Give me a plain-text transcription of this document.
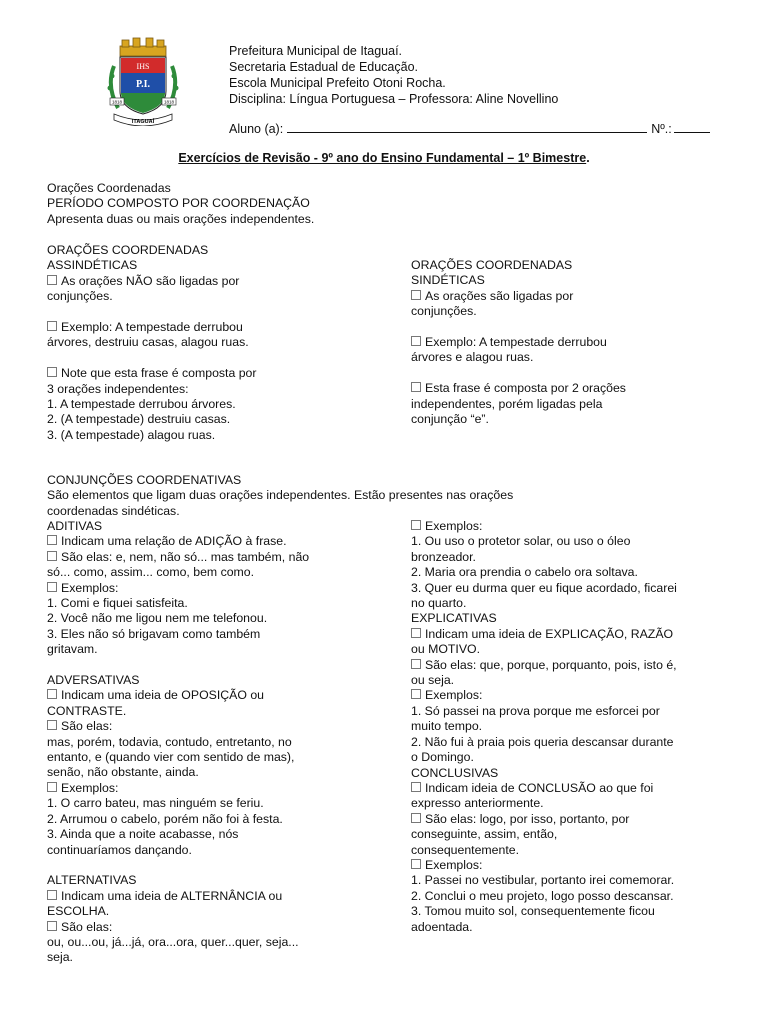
IHS
P.I.
1818	1818
ITAGUAÍ
Prefeitura Municipal de Itaguaí.
Secretaria Estadual de Educação.
Escola Municipal Prefeito Otoni Rocha.
Disciplina: Língua Portuguesa – Professora: Aline Novellino
Aluno (a):	Nº.:
Exercícios de Revisão - 9º ano do Ensino Fundamental – 1º Bimestre.
Orações Coordenadas
PERÍODO COMPOSTO POR COORDENAÇÃO
Apresenta duas ou mais orações independentes.
ORAÇÕES COORDENADAS
ASSINDÉTICAS
As orações NÃO são ligadas por
conjunções.
Exemplo: A tempestade derrubou
árvores, destruiu casas, alagou ruas.
Note que esta frase é composta por
3 orações independentes:
1. A tempestade derrubou árvores.
2. (A tempestade) destruiu casas.
3. (A tempestade) alagou ruas.
ORAÇÕES COORDENADAS
SINDÉTICAS
As orações são ligadas por
conjunções.
Exemplo: A tempestade derrubou
árvores e alagou ruas.
Esta frase é composta por 2 orações
independentes, porém ligadas pela
conjunção “e”.
CONJUNÇÕES COORDENATIVAS
São elementos que ligam duas orações independentes. Estão presentes nas orações
coordenadas sindéticas.
ADITIVAS
Indicam uma relação de ADIÇÃO à frase.
São elas: e, nem, não só... mas também, não
só... como, assim... como, bem como.
Exemplos:
1. Comi e fiquei satisfeita.
2. Você não me ligou nem me telefonou.
3. Eles não só brigavam como também
gritavam.
ADVERSATIVAS
Indicam uma ideia de OPOSIÇÃO ou
CONTRASTE.
São elas:
mas, porém, todavia, contudo, entretanto, no
entanto, e (quando vier com sentido de mas),
senão, não obstante, ainda.
Exemplos:
1. O carro bateu, mas ninguém se feriu.
2. Arrumou o cabelo, porém não foi à festa.
3. Ainda que a noite acabasse, nós
continuaríamos dançando.
ALTERNATIVAS
Indicam uma ideia de ALTERNÂNCIA ou
ESCOLHA.
São elas:
ou, ou...ou, já...já, ora...ora, quer...quer, seja...
seja.
Exemplos:
1. Ou uso o protetor solar, ou uso o óleo
bronzeador.
2. Maria ora prendia o cabelo ora soltava.
3. Quer eu durma quer eu fique acordado, ficarei
no quarto.
EXPLICATIVAS
Indicam uma ideia de EXPLICAÇÃO, RAZÃO
ou MOTIVO.
São elas: que, porque, porquanto, pois, isto é,
ou seja.
Exemplos:
1. Só passei na prova porque me esforcei por
muito tempo.
2. Não fui à praia pois queria descansar durante
o Domingo.
CONCLUSIVAS
Indicam ideia de CONCLUSÃO ao que foi
expresso anteriormente.
São elas: logo, por isso, portanto, por
conseguinte, assim, então,
consequentemente.
Exemplos:
1. Passei no vestibular, portanto irei comemorar.
2. Conclui o meu projeto, logo posso descansar.
3. Tomou muito sol, consequentemente ficou
adoentada.
